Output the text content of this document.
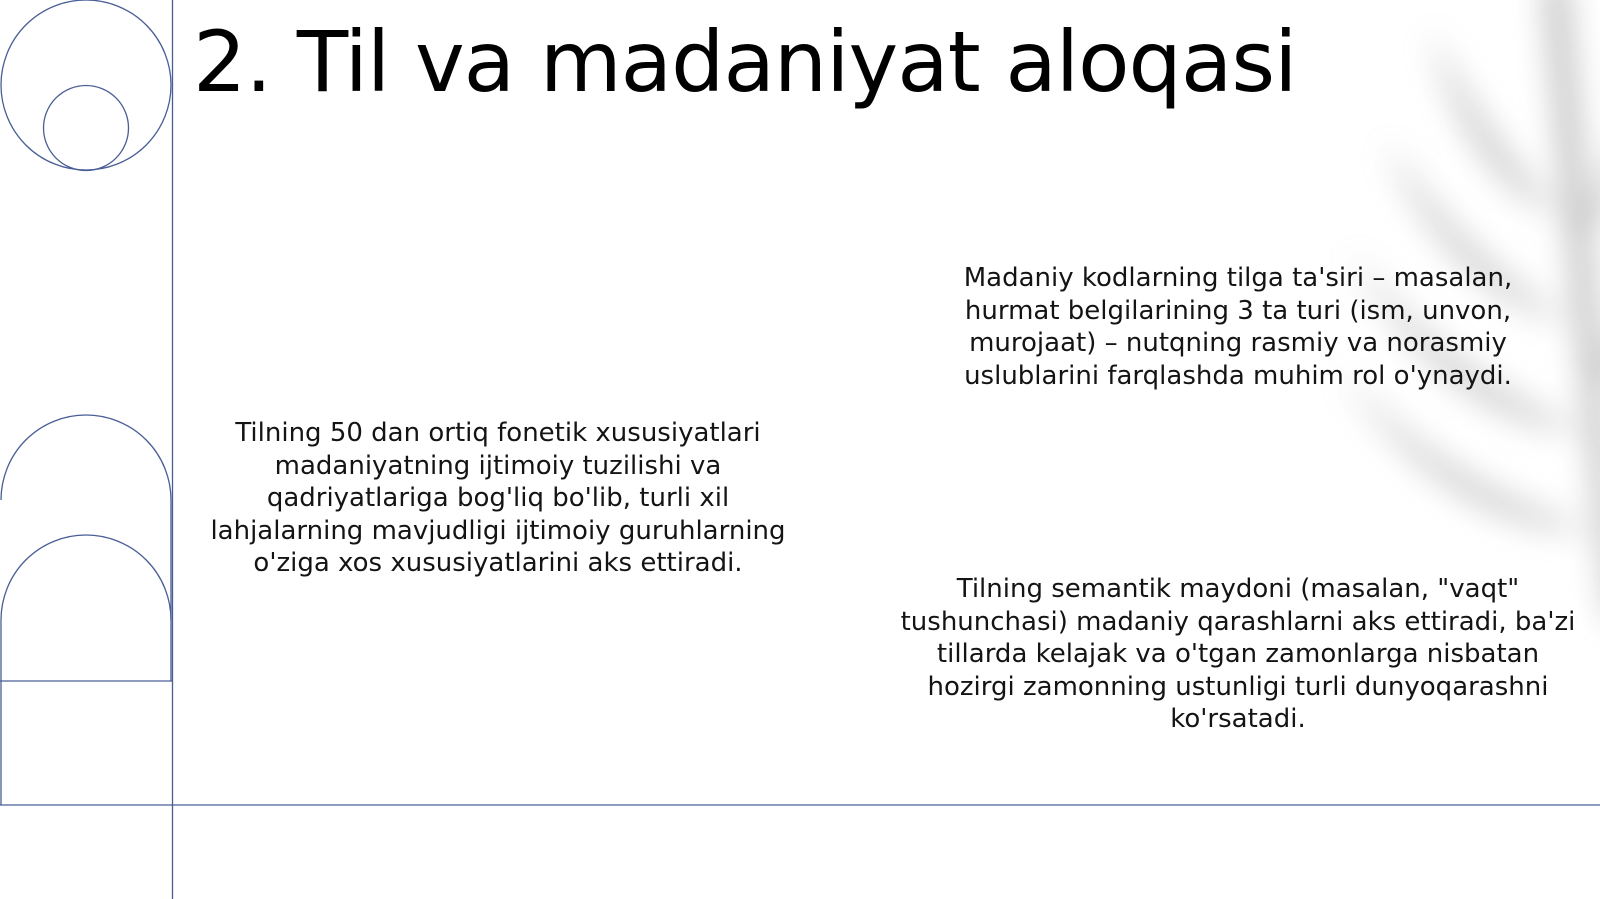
2. Til va madaniyat aloqasi

Tilning 50 dan ortiq fonetik xususiyatlari madaniyatning ijtimoiy tuzilishi va qadriyatlariga bog'liq bo'lib, turli xil lahjalarning mavjudligi ijtimoiy guruhlarning o'ziga xos xususiyatlarini aks ettiradi.

Madaniy kodlarning tilga ta'siri – masalan, hurmat belgilarining 3 ta turi (ism, unvon, murojaat) – nutqning rasmiy va norasmiy uslublarini farqlashda muhim rol o'ynaydi.

Tilning semantik maydoni (masalan, "vaqt" tushunchasi) madaniy qarashlarni aks ettiradi, ba'zi tillarda kelajak va o'tgan zamonlarga nisbatan hozirgi zamonning ustunligi turli dunyoqarashni ko'rsatadi.
